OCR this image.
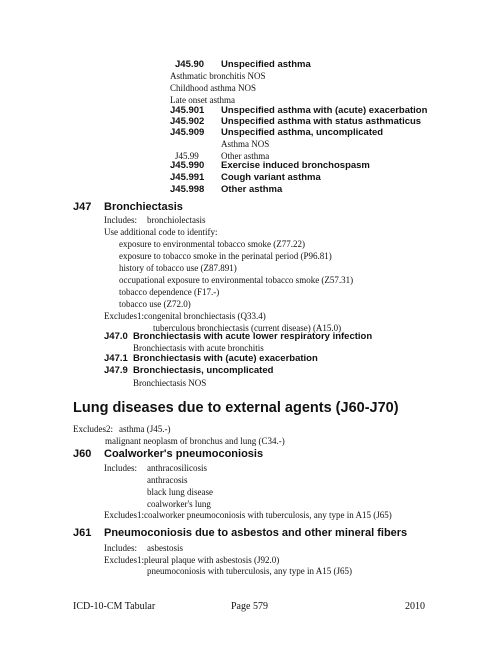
J45.90 Unspecified asthma
Asthmatic bronchitis NOS
Childhood asthma NOS
Late onset asthma
J45.901 Unspecified asthma with (acute) exacerbation
J45.902 Unspecified asthma with status asthmaticus
J45.909 Unspecified asthma, uncomplicated
Asthma NOS
J45.99 Other asthma
J45.990 Exercise induced bronchospasm
J45.991 Cough variant asthma
J45.998 Other asthma
J47 Bronchiectasis
Includes: bronchiolectasis
Use additional code to identify:
exposure to environmental tobacco smoke (Z77.22)
exposure to tobacco smoke in the perinatal period (P96.81)
history of tobacco use (Z87.891)
occupational exposure to environmental tobacco smoke (Z57.31)
tobacco dependence (F17.-)
tobacco use (Z72.0)
Excludes1:congenital bronchiectasis (Q33.4)
tuberculous bronchiectasis (current disease) (A15.0)
J47.0 Bronchiectasis with acute lower respiratory infection
Bronchiectasis with acute bronchitis
J47.1 Bronchiectasis with (acute) exacerbation
J47.9 Bronchiectasis, uncomplicated
Bronchiectasis NOS
Lung diseases due to external agents (J60-J70)
Excludes2: asthma (J45.-)
malignant neoplasm of bronchus and lung (C34.-)
J60 Coalworker's pneumoconiosis
Includes: anthracosilicosis
anthracosis
black lung disease
coalworker's lung
Excludes1:coalworker pneumoconiosis with tuberculosis, any type in A15 (J65)
J61 Pneumoconiosis due to asbestos and other mineral fibers
Includes: asbestosis
Excludes1:pleural plaque with asbestosis (J92.0)
pneumoconiosis with tuberculosis, any type in A15 (J65)
ICD-10-CM Tabular	Page 579	2010
